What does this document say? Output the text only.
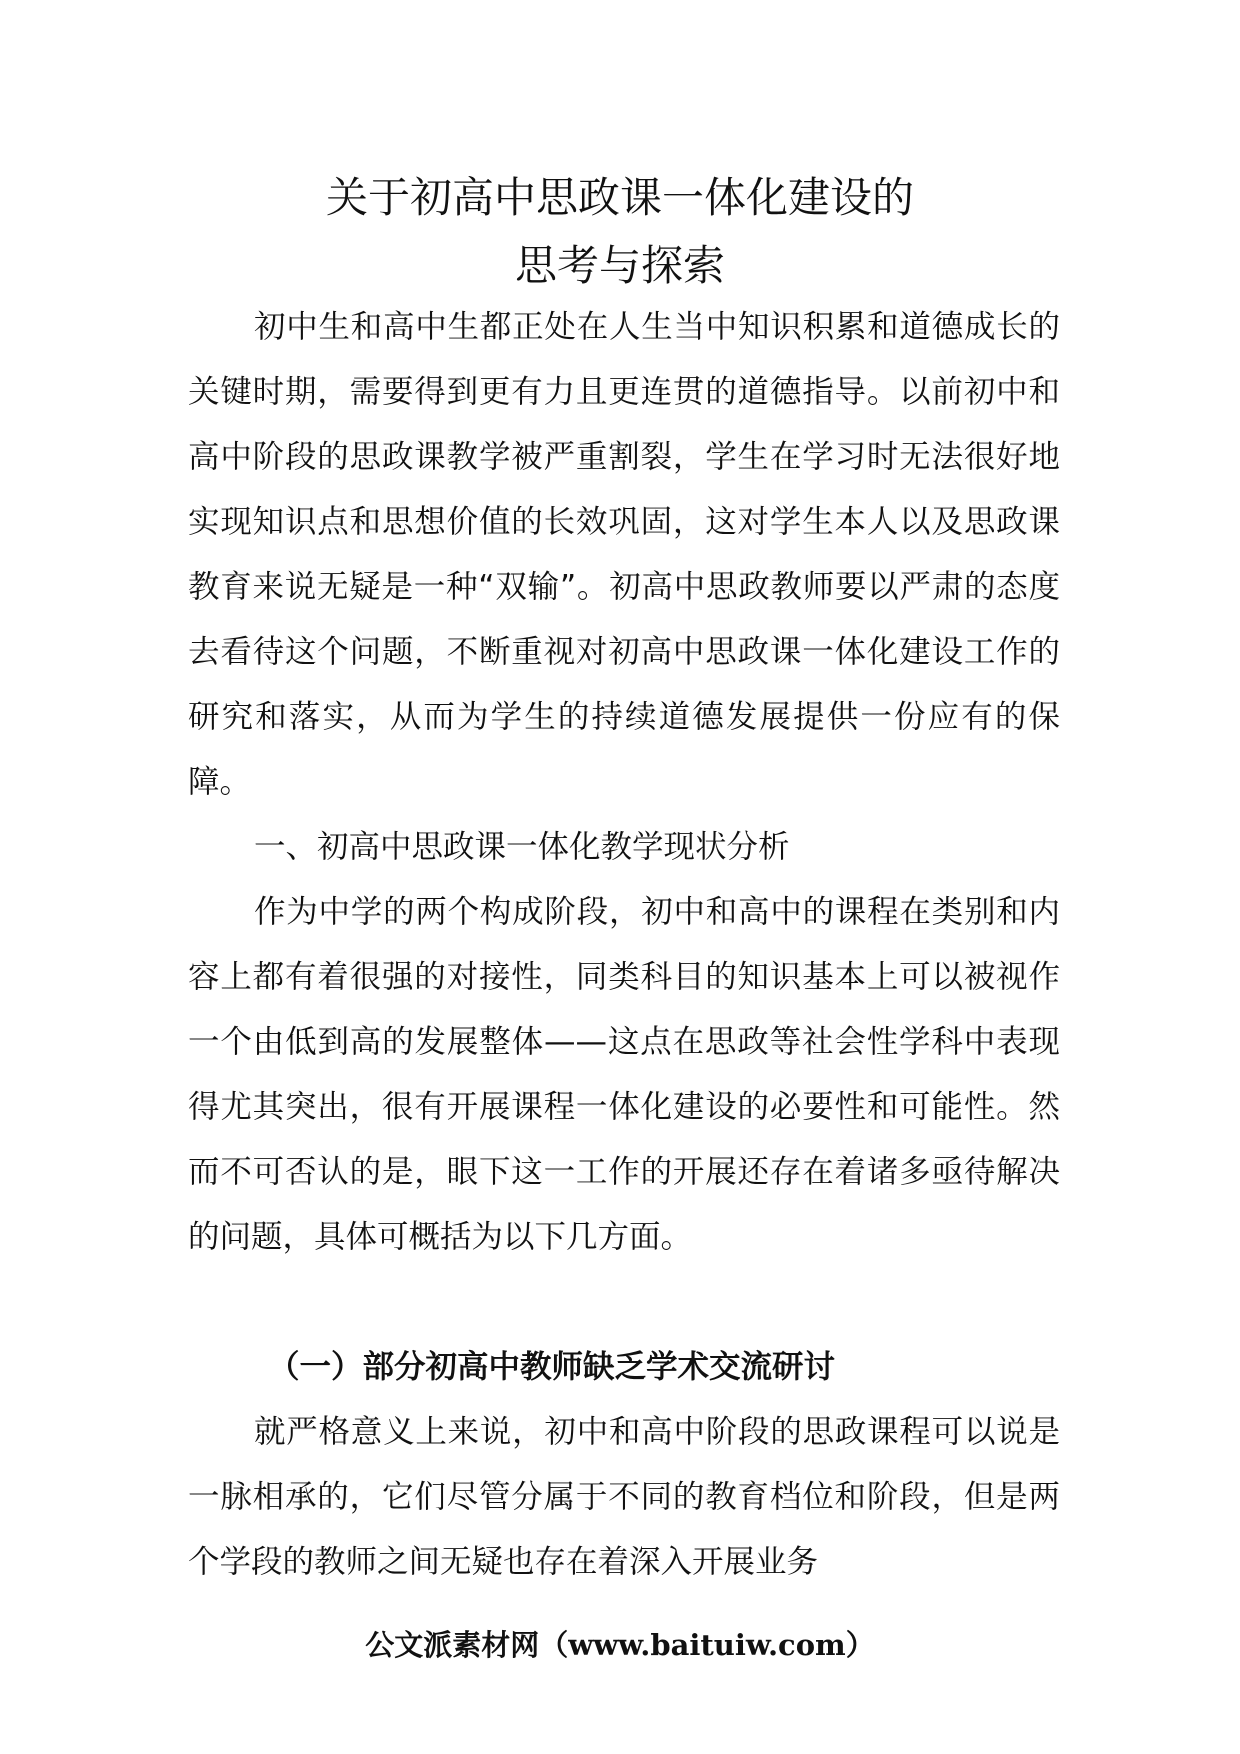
关于初高中思政课一体化建设的
思考与探索

初中生和高中生都正处在人生当中知识积累和道德成长的关键时期，需要得到更有力且更连贯的道德指导。以前初中和高中阶段的思政课教学被严重割裂，学生在学习时无法很好地实现知识点和思想价值的长效巩固，这对学生本人以及思政课教育来说无疑是一种“双输”。初高中思政教师要以严肃的态度去看待这个问题，不断重视对初高中思政课一体化建设工作的研究和落实，从而为学生的持续道德发展提供一份应有的保障。

一、初高中思政课一体化教学现状分析

作为中学的两个构成阶段，初中和高中的课程在类别和内容上都有着很强的对接性，同类科目的知识基本上可以被视作一个由低到高的发展整体——这点在思政等社会性学科中表现得尤其突出，很有开展课程一体化建设的必要性和可能性。然而不可否认的是，眼下这一工作的开展还存在着诸多亟待解决的问题，具体可概括为以下几方面。

（一）部分初高中教师缺乏学术交流研讨

就严格意义上来说，初中和高中阶段的思政课程可以说是一脉相承的，它们尽管分属于不同的教育档位和阶段，但是两个学段的教师之间无疑也存在着深入开展业务

公文派素材网（www.baituiw.com）
